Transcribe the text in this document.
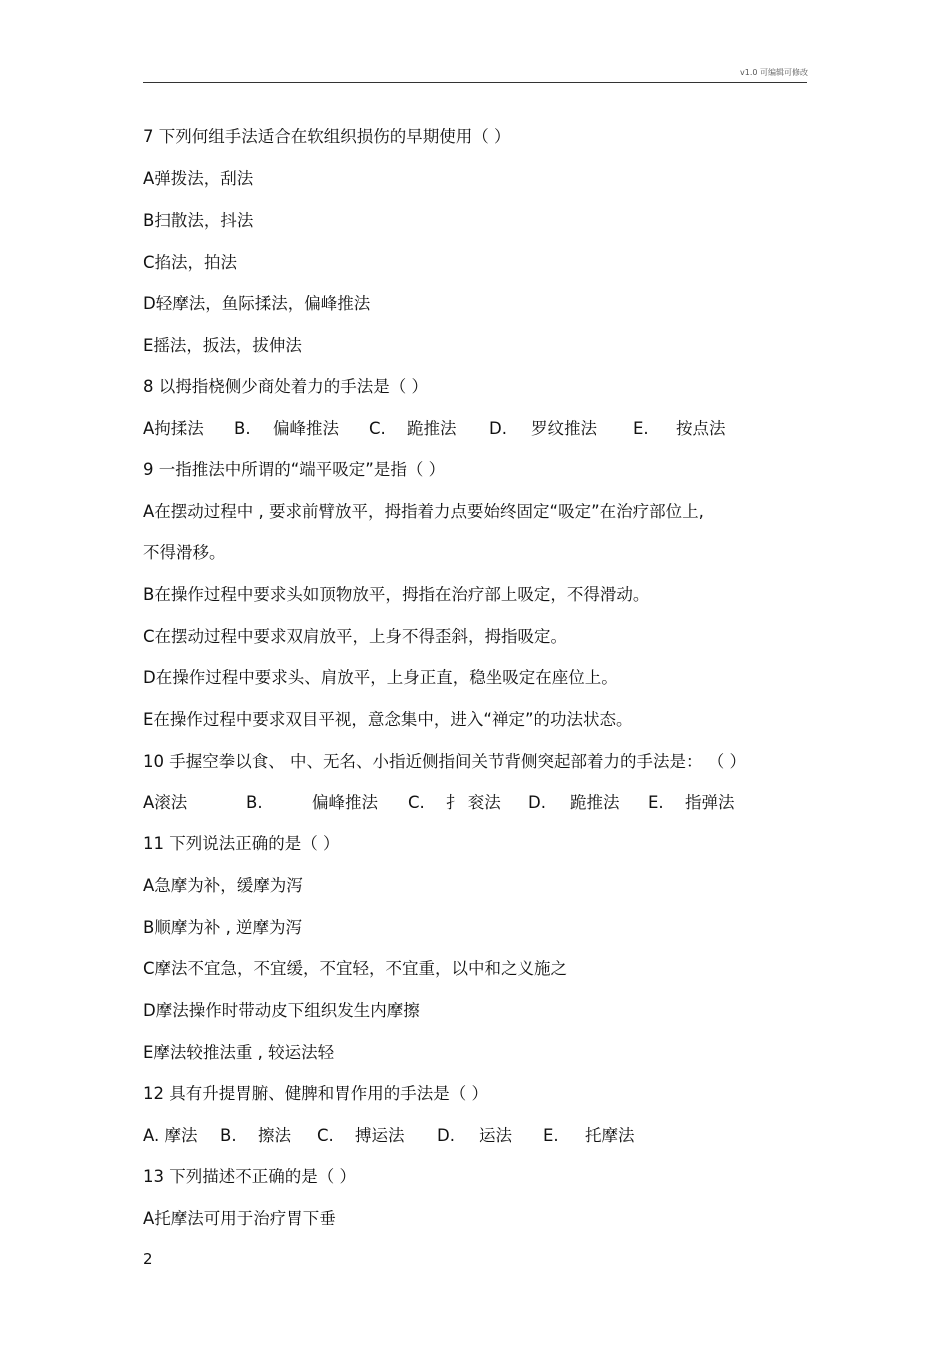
v1.0 可编辑可修改
7 下列何组手法适合在软组织损伤的早期使用（ ）
A弹拨法，刮法
B扫散法，抖法
C掐法，拍法
D轻摩法，鱼际揉法，偏峰推法
E摇法，扳法，拔伸法
8 以拇指桡侧少商处着力的手法是（ ）
A拘揉法 B. 偏峰推法 C. 跪推法 D. 罗纹推法 E. 按点法
9 一指推法中所谓的“端平吸定”是指（ ）
A在摆动过程中 , 要求前臂放平，拇指着力点要始终固定“吸定”在治疗部位上,
不得滑移。
B在操作过程中要求头如顶物放平，拇指在治疗部上吸定，不得滑动。
C在摆动过程中要求双肩放平，上身不得歪斜，拇指吸定。
D在操作过程中要求头、肩放平，上身正直，稳坐吸定在座位上。
E在操作过程中要求双目平视，意念集中，进入“禅定”的功法状态。
10 手握空拳以食、 中、无名、小指近侧指间关节背侧突起部着力的手法是： （ ）
A滚法	B.	偏峰推法 C. 扌 衮法 D. 跪推法 E. 指弹法
11 下列说法正确的是（ ）
A急摩为补，缓摩为泻
B顺摩为补 , 逆摩为泻
C摩法不宜急，不宜缓，不宜轻，不宜重，以中和之义施之
D摩法操作时带动皮下组织发生内摩擦
E摩法较推法重 , 较运法轻
12 具有升提胃腑、健脾和胃作用的手法是（ ）
A. 摩法 B. 擦法 C. 搏运法 D. 运法 E. 托摩法
13 下列描述不正确的是（ ）
A托摩法可用于治疗胃下垂
2
